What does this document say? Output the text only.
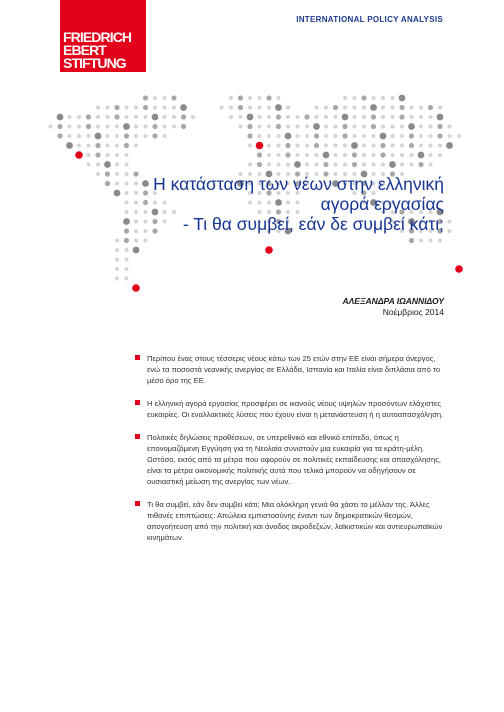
FRIEDRICH
EBERT
STIFTUNG
INTERNATIONAL POLICY ANALYSIS
Η κατάσταση των νέων στην ελληνική
αγορά εργασίας
- Τι θα συμβεί, εάν δε συμβεί κάτι;
ΑΛΕΞΑΝΔΡΑ ΙΩΑΝΝΙΔΟΥ
Νοέμβριος 2014
Περίπου ένας στους τέσσερις νέους κάτω των 25 ετών στην ΕΕ είναι σήμερα άνεργος, ενώ τα ποσοστά νεανικής ανεργίας σε Ελλάδα, Ισπανία και Ιταλία είναι διπλάσια από το μέσο όρο της ΕΕ.
Η ελληνική αγορά εργασίας προσφέρει σε ικανούς νέους υψηλών προσόντων ελάχιστες ευκαιρίες. Οι εναλλακτικές λύσεις που έχουν είναι η μετανάστευση ή η αυτοαπασχόληση.
Πολιτικές δηλώσεις προθέσεων, σε υπερεθνικό και εθνικό επίπεδο, όπως η επονομαζόμενη Εγγύηση για τη Νεολαία συνιστούν μια ευκαιρία για τα κράτη-μέλη. Ωστόσο, εκτός από τα μέτρα που αφορούν σε πολιτικές εκπαίδευσης και απασχόλησης, είναι τα μέτρα οικονομικής πολιτικής αυτά που τελικά μπορούν να οδηγήσουν σε ουσιαστική μείωση της ανεργίας των νέων.
Τι θα συμβεί, εάν δεν συμβεί κάτι; Μια ολόκληρη γενιά θα χάσει το μέλλον της. Άλλες πιθανές επιπτώσεις: Απώλεια εμπιστοσύνης έναντι των δημοκρατικών θεσμών, απογοήτευση από την πολιτική και άνοδος ακροδεξιών, λαϊκιστικών και αντιευρωπαϊκών κινημάτων.
